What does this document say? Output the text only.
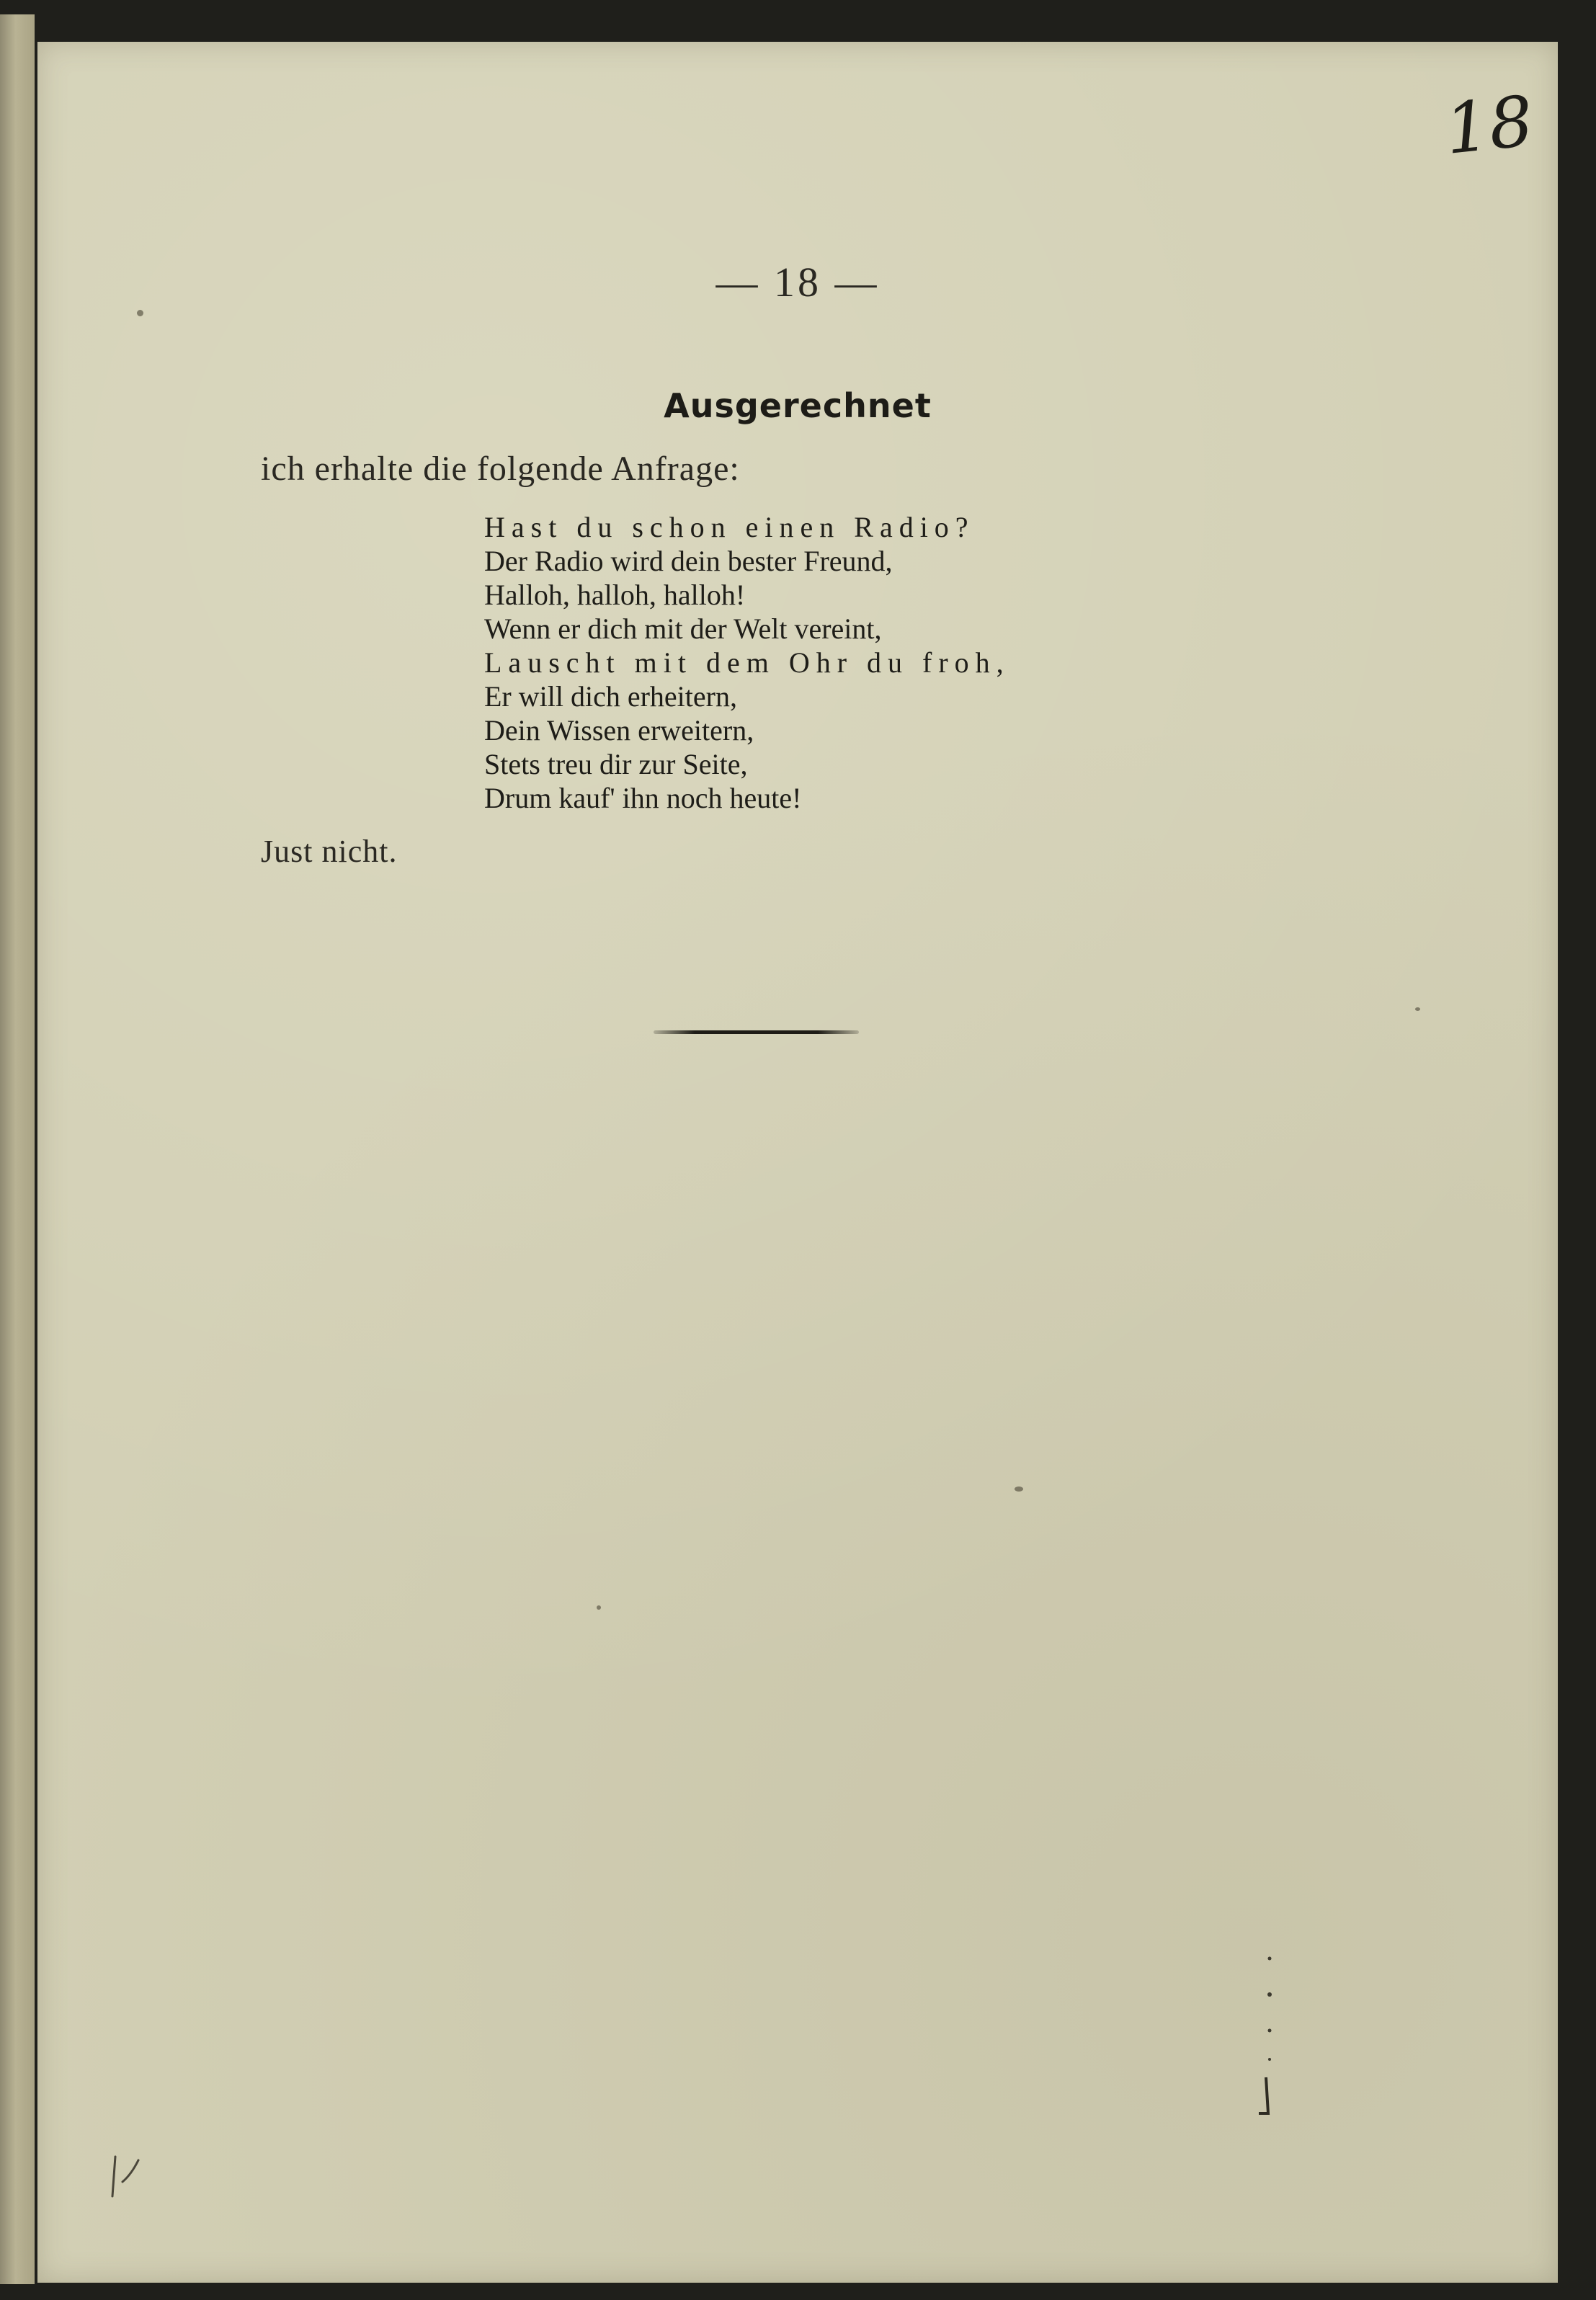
18
— 18 —
Ausgerechnet
ich erhalte die folgende Anfrage:
Hast du schon einen Radio?
Der Radio wird dein bester Freund,
Halloh, halloh, halloh!
Wenn er dich mit der Welt vereint,
Lauscht mit dem Ohr du froh,
Er will dich erheitern,
Dein Wissen erweitern,
Stets treu dir zur Seite,
Drum kauf' ihn noch heute!
Just nicht.
